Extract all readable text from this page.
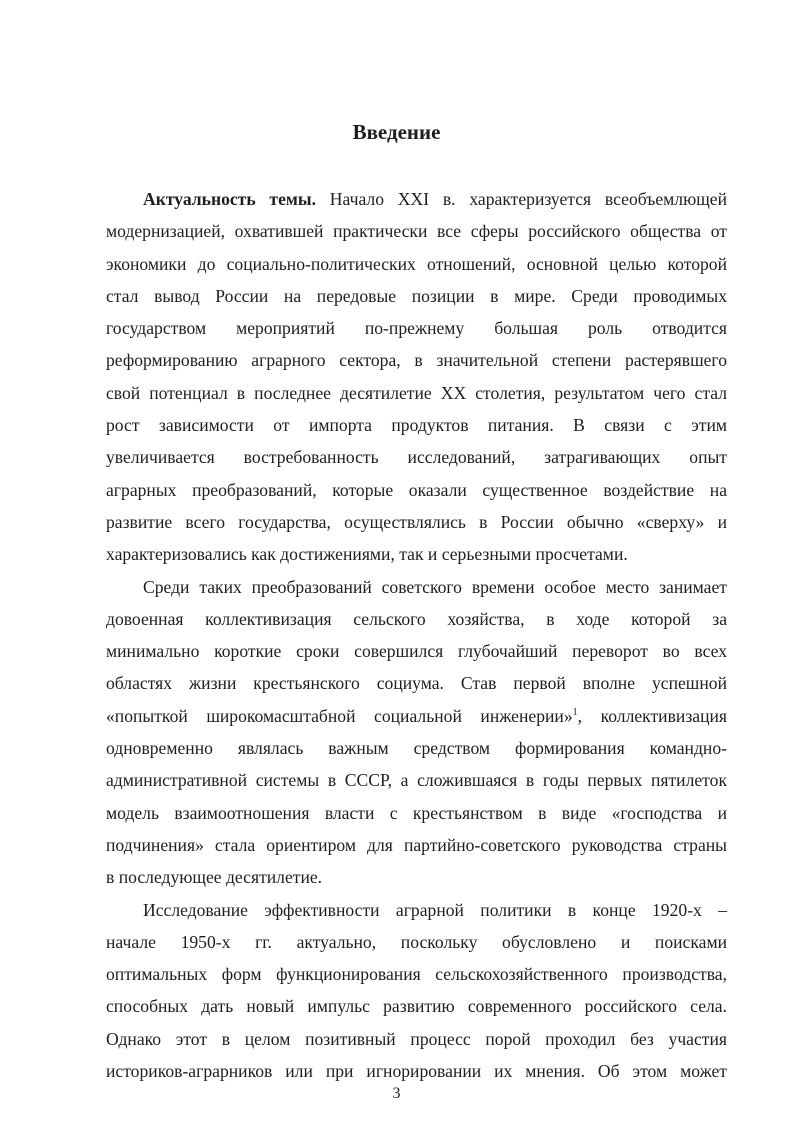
Введение
Актуальность темы. Начало XXI в. характеризуется всеобъемлющей
модернизацией, охватившей практически все сферы российского общества от
экономики до социально-политических отношений, основной целью которой
стал вывод России на передовые позиции в мире. Среди проводимых
государством мероприятий по-прежнему большая роль отводится
реформированию аграрного сектора, в значительной степени растерявшего
свой потенциал в последнее десятилетие XX столетия, результатом чего стал
рост зависимости от импорта продуктов питания. В связи с этим
увеличивается востребованность исследований, затрагивающих опыт
аграрных преобразований, которые оказали существенное воздействие на
развитие всего государства, осуществлялись в России обычно «сверху» и
характеризовались как достижениями, так и серьезными просчетами.
Среди таких преобразований советского времени особое место занимает
довоенная коллективизация сельского хозяйства, в ходе которой за
минимально короткие сроки совершился глубочайший переворот во всех
областях жизни крестьянского социума. Став первой вполне успешной
«попыткой широкомасштабной социальной инженерии»$^1$, коллективизация
одновременно являлась важным средством формирования командно-
административной системы в СССР, а сложившаяся в годы первых пятилеток
модель взаимоотношения власти с крестьянством в виде «господства и
подчинения» стала ориентиром для партийно-советского руководства страны
в последующее десятилетие.
Исследование эффективности аграрной политики в конце 1920-х –
начале 1950-х гг. актуально, поскольку обусловлено и поисками
оптимальных форм функционирования сельскохозяйственного производства,
способных дать новый импульс развитию современного российского села.
Однако этот в целом позитивный процесс порой проходил без участия
историков-аграрников или при игнорировании их мнения. Об этом может
3
